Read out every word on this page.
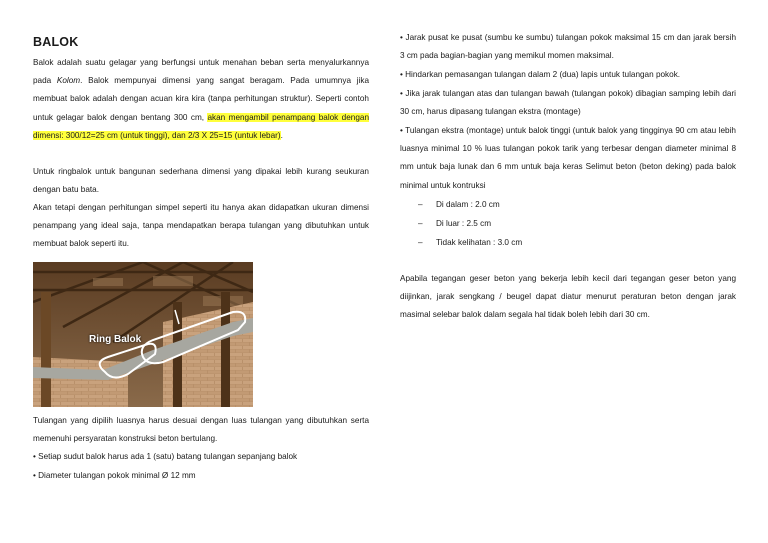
BALOK

Balok adalah suatu gelagar yang berfungsi untuk menahan beban serta menyalurkannya pada Kolom. Balok mempunyai dimensi yang sangat beragam. Pada umumnya jika membuat balok adalah dengan acuan kira kira (tanpa perhitungan struktur). Seperti contoh untuk gelagar balok dengan bentang 300 cm, akan mengambil penampang balok dengan dimensi: 300/12=25 cm (untuk tinggi), dan 2/3 X 25=15 (untuk lebar).

Untuk ringbalok untuk bangunan sederhana dimensi yang dipakai lebih kurang seukuran dengan batu bata.

Akan tetapi dengan perhitungan simpel seperti itu hanya akan didapatkan ukuran dimensi penampang yang ideal saja, tanpa mendapatkan berapa tulangan yang dibutuhkan untuk membuat balok seperti itu.

Ring Balok

Tulangan yang dipilih luasnya harus desuai dengan luas tulangan yang dibutuhkan serta memenuhi persyaratan konstruksi beton bertulang.

• Setiap sudut balok harus ada 1 (satu) batang tulangan sepanjang balok

• Diameter tulangan pokok minimal Ø 12 mm

• Jarak pusat ke pusat (sumbu ke sumbu) tulangan pokok maksimal 15 cm dan jarak bersih 3 cm pada bagian-bagian yang memikul momen maksimal.

• Hindarkan pemasangan tulangan dalam 2 (dua) lapis untuk tulangan pokok.

• Jika jarak tulangan atas dan tulangan bawah (tulangan pokok) dibagian samping lebih dari 30 cm, harus dipasang tulangan ekstra (montage)

• Tulangan ekstra (montage) untuk balok tinggi (untuk balok yang tingginya 90 cm atau lebih luasnya minimal 10 % luas tulangan pokok tarik yang terbesar dengan diameter minimal 8 mm untuk baja lunak dan 6 mm untuk baja keras Selimut beton (beton deking) pada balok minimal untuk kontruksi

– Di dalam : 2.0 cm
– Di luar : 2.5 cm
– Tidak kelihatan : 3.0 cm

Apabila tegangan geser beton yang bekerja lebih kecil dari tegangan geser beton yang diijinkan, jarak sengkang / beugel dapat diatur menurut peraturan beton dengan jarak masimal selebar balok dalam segala hal tidak boleh lebih dari 30 cm.
